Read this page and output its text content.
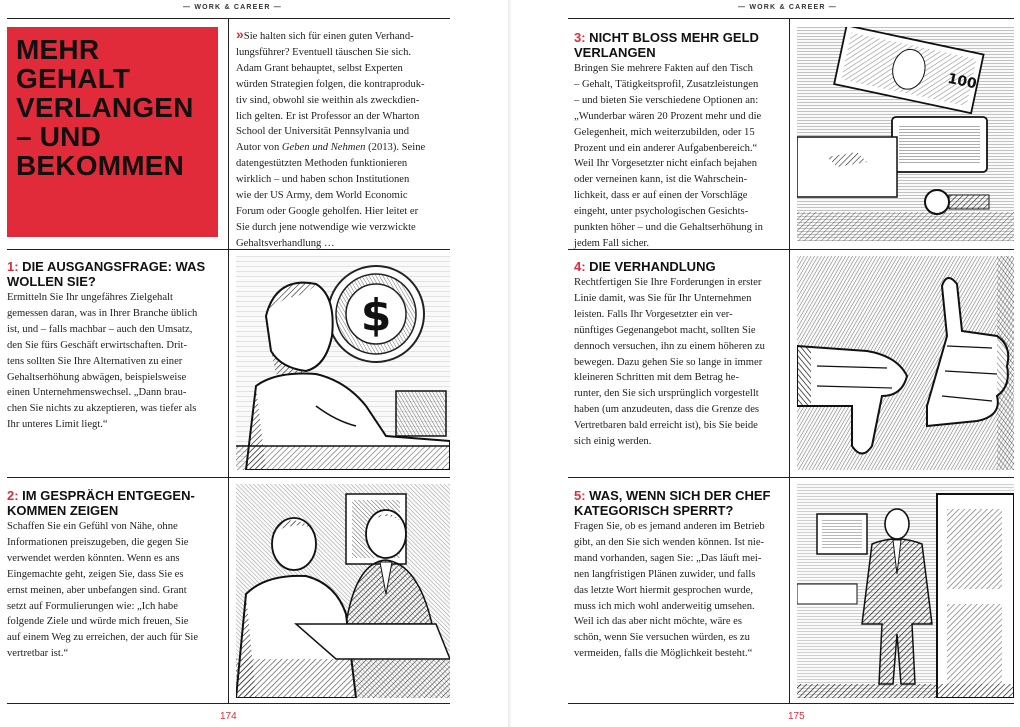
— WORK & CAREER —	— WORK & CAREER —
MEHR
GEHALT
VERLANGEN
– UND
BEKOMMEN
»Sie halten sich für einen guten Verhand-
lungsführer? Eventuell täuschen Sie sich.
Adam Grant behauptet, selbst Experten
würden Strategien folgen, die kontraproduk-
tiv sind, obwohl sie weithin als zweckdien-
lich gelten. Er ist Professor an der Wharton
School der Universität Pennsylvania und
Autor von Geben und Nehmen (2013). Seine
datengestützten Methoden funktionieren
wirklich – und haben schon Institutionen
wie der US Army, dem World Economic
Forum oder Google geholfen. Hier leitet er
Sie durch jene notwendige wie verzwickte
Gehaltsverhandlung …
1: DIE AUSGANGSFRAGE: WAS
WOLLEN SIE?
Ermitteln Sie Ihr ungefähres Zielgehalt
gemessen daran, was in Ihrer Branche üblich
ist, und – falls machbar – auch den Umsatz,
den Sie fürs Geschäft erwirtschaften. Drit-
tens sollten Sie Ihre Alternativen zu einer
Gehaltserhöhung abwägen, beispielsweise
einen Unternehmenswechsel. „Dann brau-
chen Sie nichts zu akzeptieren, was tiefer als
Ihr unteres Limit liegt.“
2: IM GESPRÄCH ENTGEGEN-
KOMMEN ZEIGEN
Schaffen Sie ein Gefühl von Nähe, ohne
Informationen preiszugeben, die gegen Sie
verwendet werden könnten. Wenn es ans
Eingemachte geht, zeigen Sie, dass Sie es
ernst meinen, aber unbefangen sind. Grant
setzt auf Formulierungen wie: „Ich habe
folgende Ziele und würde mich freuen, Sie
auf einem Weg zu erreichen, der auch für Sie
vertretbar ist.“
3: NICHT BLOSS MEHR GELD
VERLANGEN
Bringen Sie mehrere Fakten auf den Tisch
– Gehalt, Tätigkeitsprofil, Zusatzleistungen
– und bieten Sie verschiedene Optionen an:
„Wunderbar wären 20 Prozent mehr und die
Gelegenheit, mich weiterzubilden, oder 15
Prozent und ein anderer Aufgabenbereich.“
Weil Ihr Vorgesetzter nicht einfach bejahen
oder verneinen kann, ist die Wahrschein-
lichkeit, dass er auf einen der Vorschläge
eingeht, unter psychologischen Gesichts-
punkten höher – und die Gehaltserhöhung in
jedem Fall sicher.
4: DIE VERHANDLUNG
Rechtfertigen Sie Ihre Forderungen in erster
Linie damit, was Sie für Ihr Unternehmen
leisten. Falls Ihr Vorgesetzter ein ver-
nünftiges Gegenangebot macht, sollten Sie
dennoch versuchen, ihn zu einem höheren zu
bewegen. Dazu gehen Sie so lange in immer
kleineren Schritten mit dem Betrag he-
runter, den Sie sich ursprünglich vorgestellt
haben (um anzudeuten, dass die Grenze des
Vertretbaren bald erreicht ist), bis Sie beide
sich einig werden.
5: WAS, WENN SICH DER CHEF
KATEGORISCH SPERRT?
Fragen Sie, ob es jemand anderen im Betrieb
gibt, an den Sie sich wenden können. Ist nie-
mand vorhanden, sagen Sie: „Das läuft mei-
nen langfristigen Plänen zuwider, und falls
das letzte Wort hiermit gesprochen wurde,
muss ich mich wohl anderweitig umsehen.
Weil ich das aber nicht möchte, wäre es
schön, wenn Sie versuchen würden, es zu
vermeiden, falls die Möglichkeit besteht.“
$
100
174	175
